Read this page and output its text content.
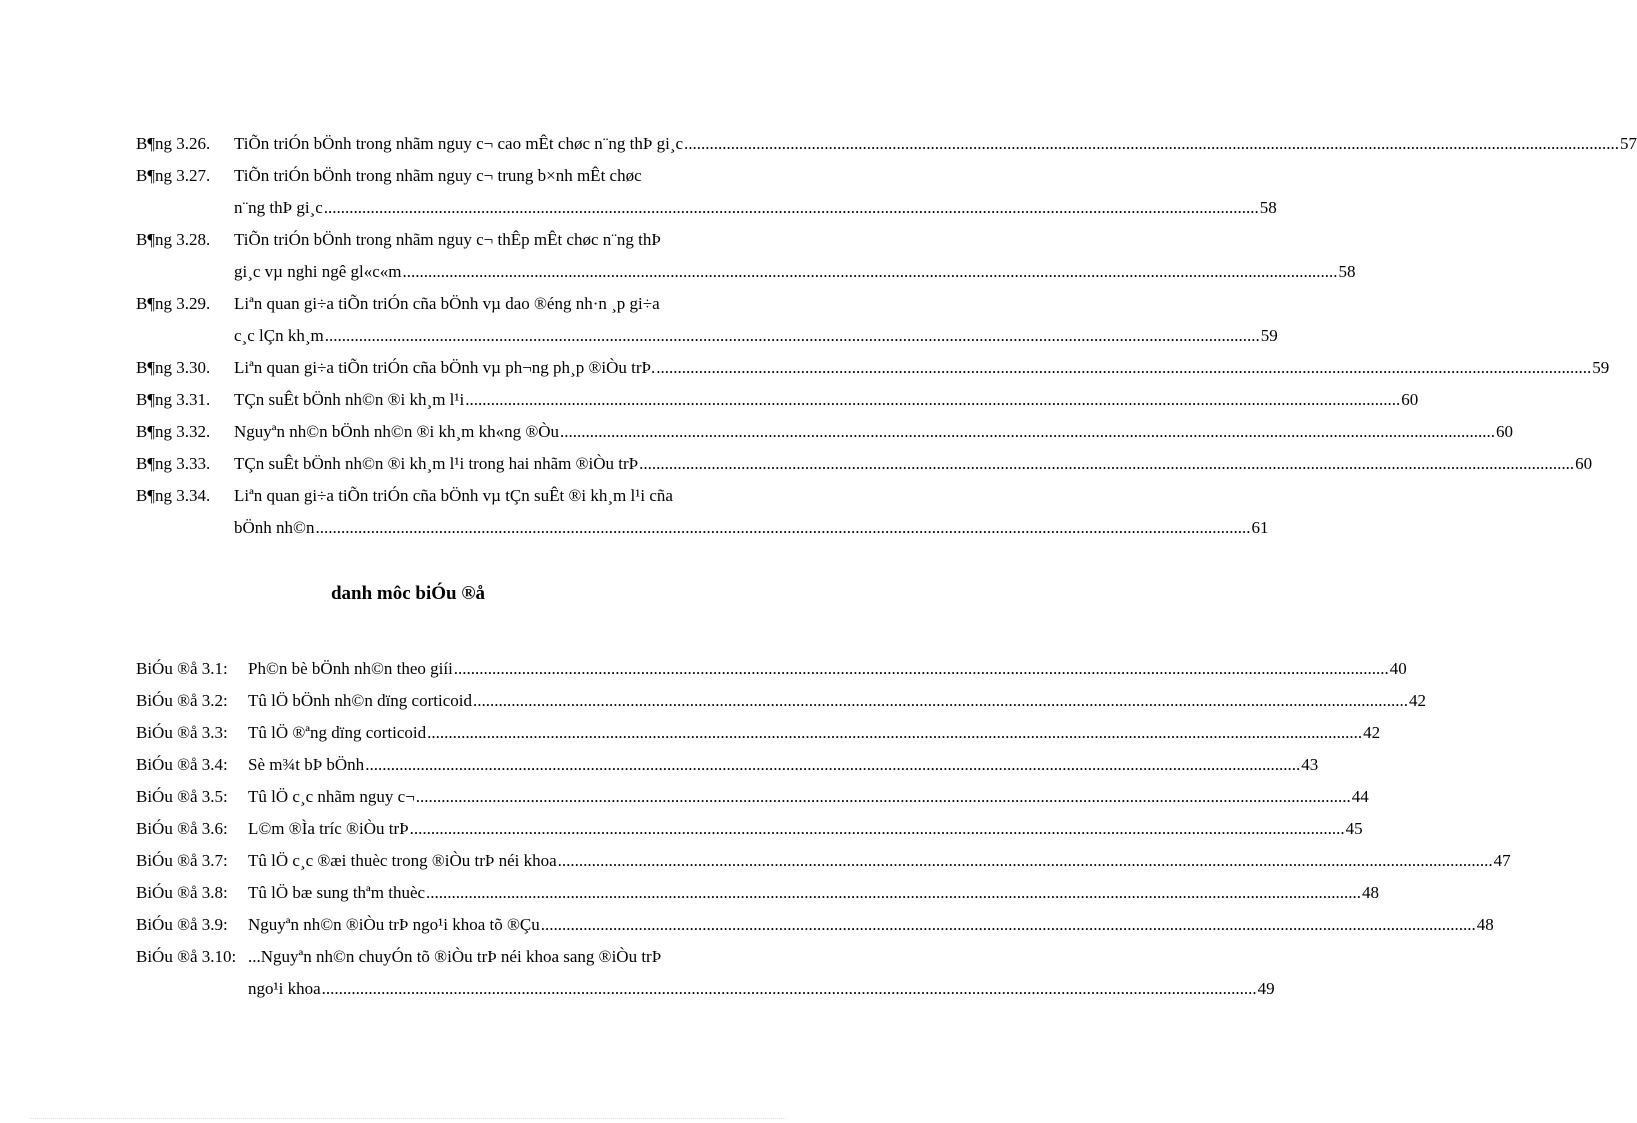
B¶ng 3.26.	TiÕn triÓn bÖnh trong nhãm nguy c¬ cao mÊt chøc n¨ng thÞ gi¸c ............................................................................................................................................................................................................................ 57
B¶ng 3.27.	TiÕn triÓn bÖnh trong nhãm nguy c¬ trung b×nh mÊt chøc
n¨ng thÞ gi¸c ............................................................................................................................................................................................................................ 58
B¶ng 3.28.	TiÕn triÓn bÖnh trong nhãm nguy c¬ thÊp mÊt chøc n¨ng thÞ
gi¸c vµ nghi ngê gl«c«m ............................................................................................................................................................................................................................ 58
B¶ng 3.29.	Liªn quan gi÷a tiÕn triÓn cña bÖnh vµ dao ®éng nh·n ¸p gi÷a
c¸c lÇn kh¸m ............................................................................................................................................................................................................................ 59
B¶ng 3.30.	Liªn quan gi÷a tiÕn triÓn cña bÖnh vµ ph¬ng ph¸p ®iÒu trÞ. ............................................................................................................................................................................................................................ 59
B¶ng 3.31.	TÇn suÊt bÖnh nh©n ®i kh¸m l¹i ............................................................................................................................................................................................................................ 60
B¶ng 3.32.	Nguyªn nh©n bÖnh nh©n ®i kh¸m kh«ng ®Òu ............................................................................................................................................................................................................................ 60
B¶ng 3.33.	TÇn suÊt bÖnh nh©n ®i kh¸m l¹i trong hai nhãm ®iÒu trÞ ............................................................................................................................................................................................................................ 60
B¶ng 3.34.	Liªn quan gi÷a tiÕn triÓn cña bÖnh vµ tÇn suÊt ®i kh¸m l¹i cña
bÖnh nh©n ............................................................................................................................................................................................................................ 61
danh môc biÓu ®å
BiÓu ®å 3.1:	Ph©n bè bÖnh nh©n theo giíi ............................................................................................................................................................................................................................ 40
BiÓu ®å 3.2:	Tû lÖ bÖnh nh©n dïng corticoid ............................................................................................................................................................................................................................ 42
BiÓu ®å 3.3:	Tû lÖ ®ªng dïng corticoid ............................................................................................................................................................................................................................ 42
BiÓu ®å 3.4:	Sè m¾t bÞ bÖnh ............................................................................................................................................................................................................................ 43
BiÓu ®å 3.5:	Tû lÖ c¸c nhãm nguy c¬ ............................................................................................................................................................................................................................ 44
BiÓu ®å 3.6:	L©m ®Ìa tríc ®iÒu trÞ ............................................................................................................................................................................................................................ 45
BiÓu ®å 3.7:	Tû lÖ c¸c ®æi thuèc trong ®iÒu trÞ néi khoa ............................................................................................................................................................................................................................ 47
BiÓu ®å 3.8:	Tû lÖ bæ sung thªm thuèc ............................................................................................................................................................................................................................ 48
BiÓu ®å 3.9:	Nguyªn nh©n ®iÒu trÞ ngo¹i khoa tõ ®Çu ............................................................................................................................................................................................................................ 48
BiÓu ®å 3.10: ...Nguyªn nh©n chuyÓn tõ ®iÒu trÞ néi khoa sang ®iÒu trÞ
ngo¹i khoa ............................................................................................................................................................................................................................ 49
